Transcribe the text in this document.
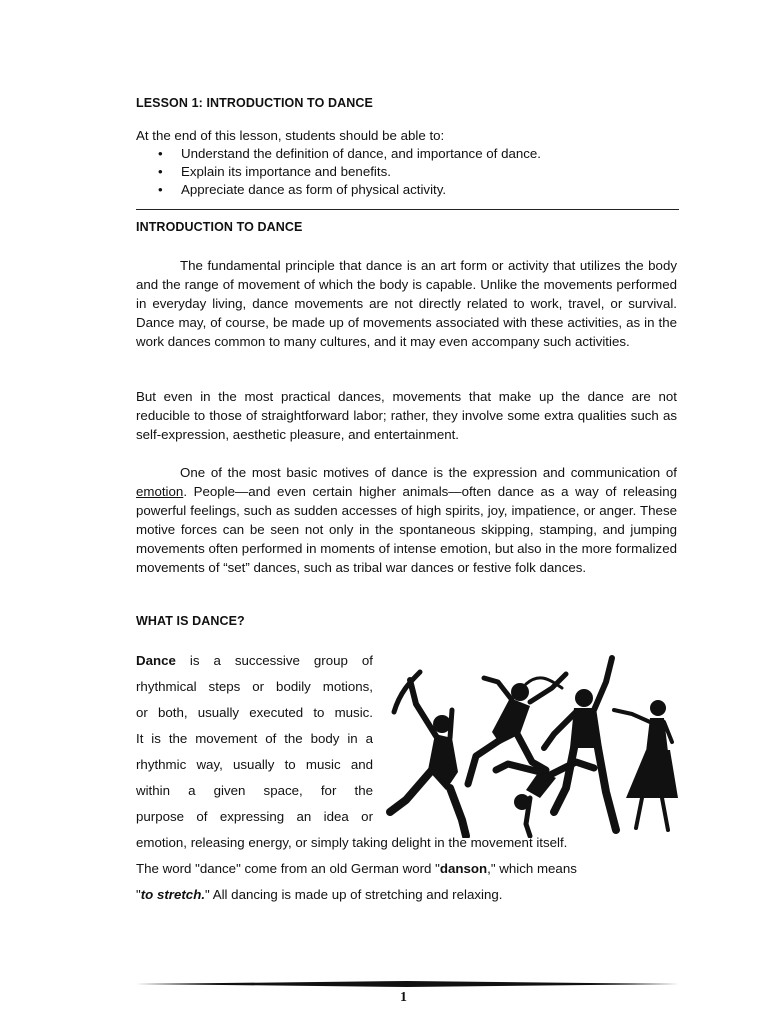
LESSON 1: INTRODUCTION TO DANCE
At the end of this lesson, students should be able to:
• Understand the definition of dance, and importance of dance.
• Explain its importance and benefits.
• Appreciate dance as form of physical activity.
INTRODUCTION TO DANCE
The fundamental principle that dance is an art form or activity that utilizes the body and the range of movement of which the body is capable. Unlike the movements performed in everyday living, dance movements are not directly related to work, travel, or survival. Dance may, of course, be made up of movements associated with these activities, as in the work dances common to many cultures, and it may even accompany such activities.
But even in the most practical dances, movements that make up the dance are not reducible to those of straightforward labor; rather, they involve some extra qualities such as self-expression, aesthetic pleasure, and entertainment.
One of the most basic motives of dance is the expression and communication of emotion. People—and even certain higher animals—often dance as a way of releasing powerful feelings, such as sudden accesses of high spirits, joy, impatience, or anger. These motive forces can be seen not only in the spontaneous skipping, stamping, and jumping movements often performed in moments of intense emotion, but also in the more formalized movements of “set” dances, such as tribal war dances or festive folk dances.
WHAT IS DANCE?
Dance is a successive group of
rhythmical steps or bodily motions,
or both, usually executed to music.
It is the movement of the body in a
rhythmic way, usually to music and
within a given space, for the
purpose of expressing an idea or
emotion, releasing energy, or simply taking delight in the movement itself.
The word "dance" come from an old German word "danson," which means
"to stretch." All dancing is made up of stretching and relaxing.
1
